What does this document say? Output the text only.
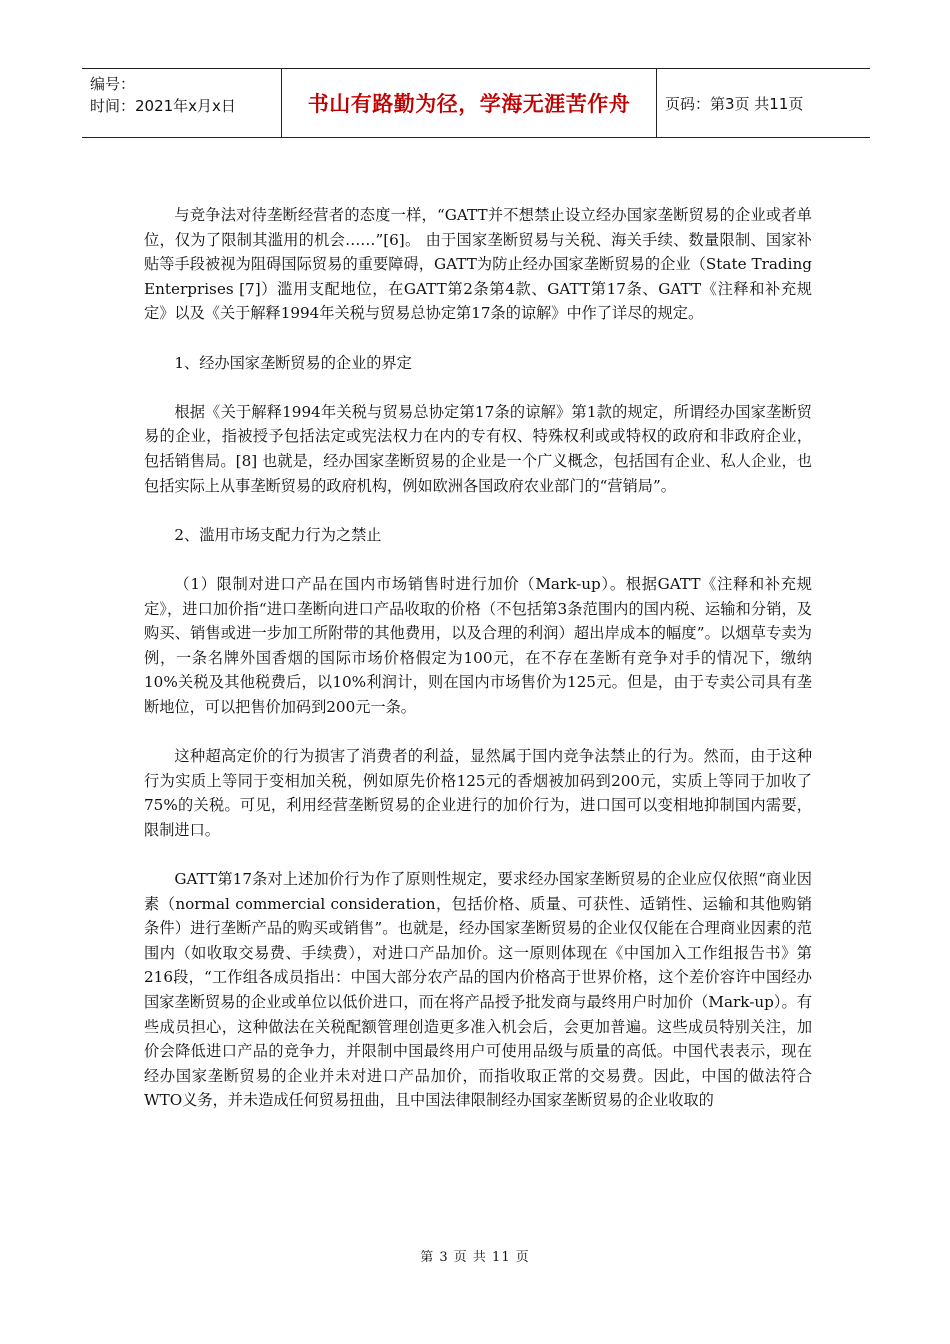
编号：
时间：2021年x月x日	书山有路勤为径，学海无涯苦作舟 页码：第3页 共11页

与竞争法对待垄断经营者的态度一样，“GATT并不想禁止设立经办国家垄断贸易的企业或者单位，仅为了限制其滥用的机会……”[6]。 由于国家垄断贸易与关税、海关手续、数量限制、国家补贴等手段被视为阻碍国际贸易的重要障碍，GATT为防止经办国家垄断贸易的企业（State Trading Enterprises [7]）滥用支配地位，在GATT第2条第4款、GATT第17条、GATT《注释和补充规定》以及《关于解释1994年关税与贸易总协定第17条的谅解》中作了详尽的规定。

1、经办国家垄断贸易的企业的界定

根据《关于解释1994年关税与贸易总协定第17条的谅解》第1款的规定，所谓经办国家垄断贸易的企业，指被授予包括法定或宪法权力在内的专有权、特殊权利或或特权的政府和非政府企业，包括销售局。[8] 也就是，经办国家垄断贸易的企业是一个广义概念，包括国有企业、私人企业，也包括实际上从事垄断贸易的政府机构，例如欧洲各国政府农业部门的“营销局”。

2、滥用市场支配力行为之禁止

（1）限制对进口产品在国内市场销售时进行加价（Mark-up）。根据GATT《注释和补充规定》，进口加价指“进口垄断向进口产品收取的价格（不包括第3条范围内的国内税、运输和分销，及购买、销售或进一步加工所附带的其他费用，以及合理的利润）超出岸成本的幅度”。以烟草专卖为例，一条名牌外国香烟的国际市场价格假定为100元，在不存在垄断有竞争对手的情况下，缴纳10%关税及其他税费后，以10%利润计，则在国内市场售价为125元。但是，由于专卖公司具有垄断地位，可以把售价加码到200元一条。

这种超高定价的行为损害了消费者的利益，显然属于国内竞争法禁止的行为。然而，由于这种行为实质上等同于变相加关税，例如原先价格125元的香烟被加码到200元，实质上等同于加收了75%的关税。可见，利用经营垄断贸易的企业进行的加价行为，进口国可以变相地抑制国内需要，限制进口。

GATT第17条对上述加价行为作了原则性规定，要求经办国家垄断贸易的企业应仅依照“商业因素（normal commercial consideration，包括价格、质量、可获性、适销性、运输和其他购销条件）进行垄断产品的购买或销售”。也就是，经办国家垄断贸易的企业仅仅能在合理商业因素的范围内（如收取交易费、手续费），对进口产品加价。这一原则体现在《中国加入工作组报告书》第216段，“工作组各成员指出：中国大部分农产品的国内价格高于世界价格，这个差价容许中国经办国家垄断贸易的企业或单位以低价进口，而在将产品授予批发商与最终用户时加价（Mark-up）。有些成员担心，这种做法在关税配额管理创造更多准入机会后，会更加普遍。这些成员特别关注，加价会降低进口产品的竞争力，并限制中国最终用户可使用品级与质量的高低。中国代表表示，现在经办国家垄断贸易的企业并未对进口产品加价，而指收取正常的交易费。因此，中国的做法符合WTO义务，并未造成任何贸易扭曲，且中国法律限制经办国家垄断贸易的企业收取的

第 3 页 共 11 页
